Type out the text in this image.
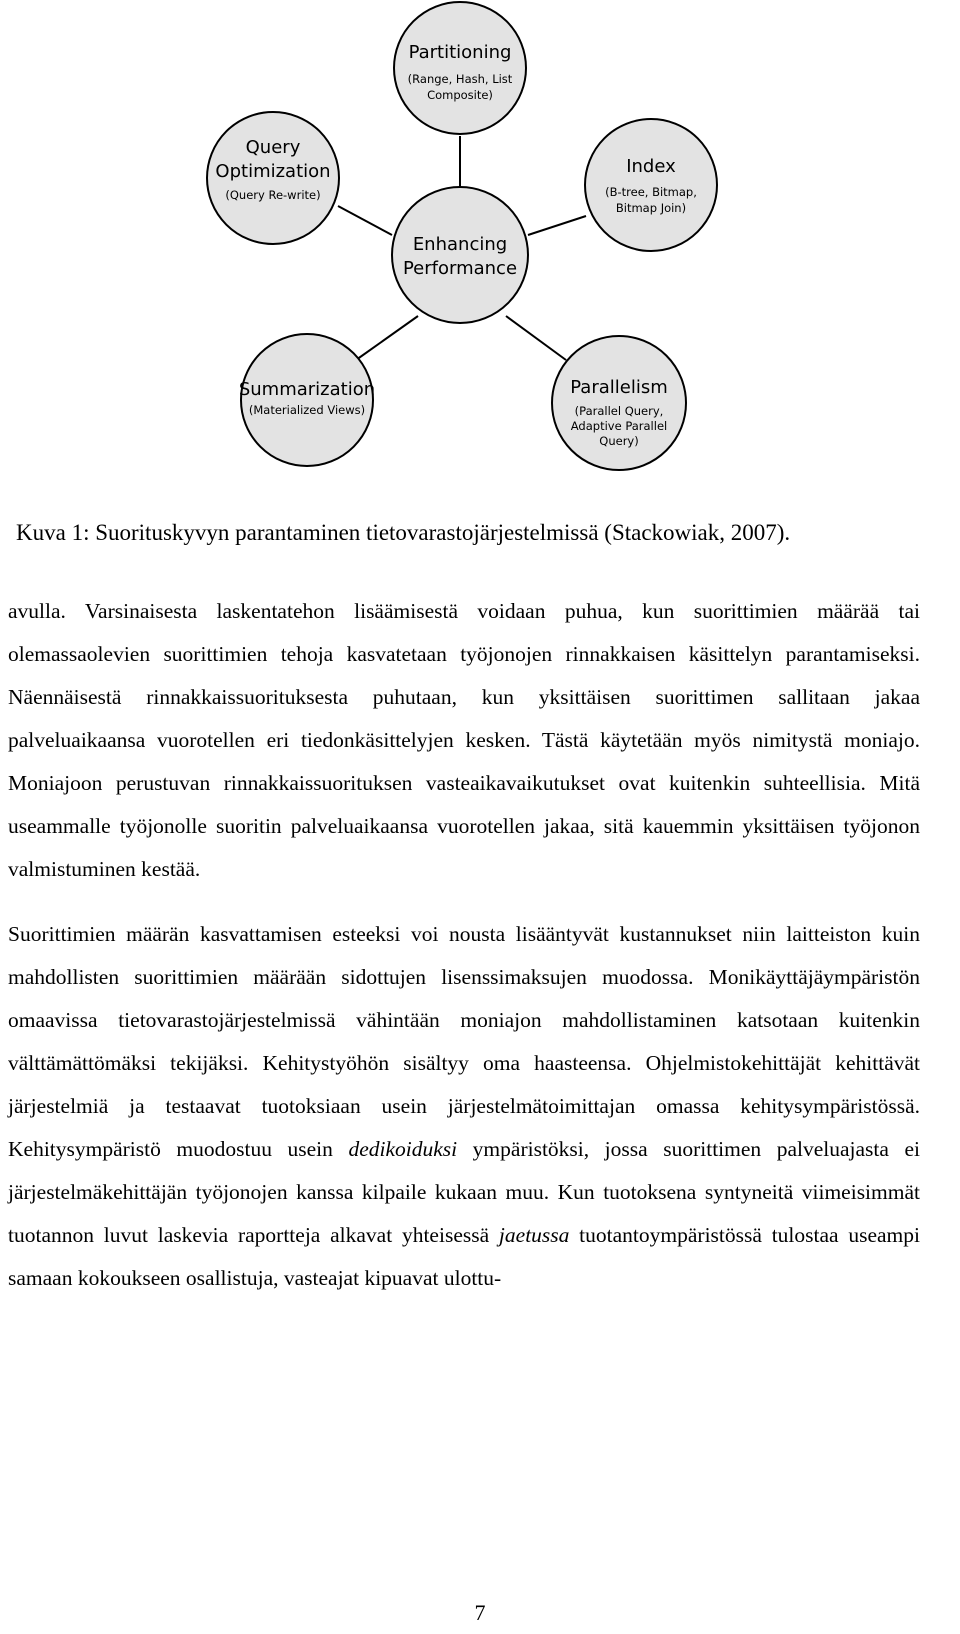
Partitioning
(Range, Hash, List
Composite)
Query
Optimization
(Query Re-write)
Index
(B-tree, Bitmap,
Bitmap Join)
Enhancing
Performance
Summarization
(Materialized Views)
Parallelism
(Parallel Query,
Adaptive Parallel
Query)

Kuva 1: Suorituskyvyn parantaminen tietovarastojärjestelmissä (Stackowiak, 2007).

avulla. Varsinaisesta laskentatehon lisäämisestä voidaan puhua, kun suorittimien määrää tai olemassaolevien suorittimien tehoja kasvatetaan työjonojen rinnakkaisen käsittelyn parantamiseksi. Näennäisestä rinnakkaissuorituksesta puhutaan, kun yksittäisen suorittimen sallitaan jakaa palveluaikaansa vuorotellen eri tiedonkäsittelyjen kesken. Tästä käytetään myös nimitystä moniajo. Moniajoon perustuvan rinnakkaissuorituksen vasteaikavaikutukset ovat kuitenkin suhteellisia. Mitä useammalle työjonolle suoritin palveluaikaansa vuorotellen jakaa, sitä kauemmin yksittäisen työjonon valmistuminen kestää.

Suorittimien määrän kasvattamisen esteeksi voi nousta lisääntyvät kustannukset niin laitteiston kuin mahdollisten suorittimien määrään sidottujen lisenssimaksujen muodossa. Monikäyttäjäympäristön omaavissa tietovarastojärjestelmissä vähintään moniajon mahdollistaminen katsotaan kuitenkin välttämättömäksi tekijäksi. Kehitystyöhön sisältyy oma haasteensa. Ohjelmistokehittäjät kehittävät järjestelmiä ja testaavat tuotoksiaan usein järjestelmätoimittajan omassa kehitysympäristössä. Kehitysympäristö muodostuu usein dedikoiduksi ympäristöksi, jossa suorittimen palveluajasta ei järjestelmäkehittäjän työjonojen kanssa kilpaile kukaan muu. Kun tuotoksena syntyneitä viimeisimmät tuotannon luvut laskevia raportteja alkavat yhteisessä jaetussa tuotantoympäristössä tulostaa useampi samaan kokoukseen osallistuja, vasteajat kipuavat ulottu-

7
